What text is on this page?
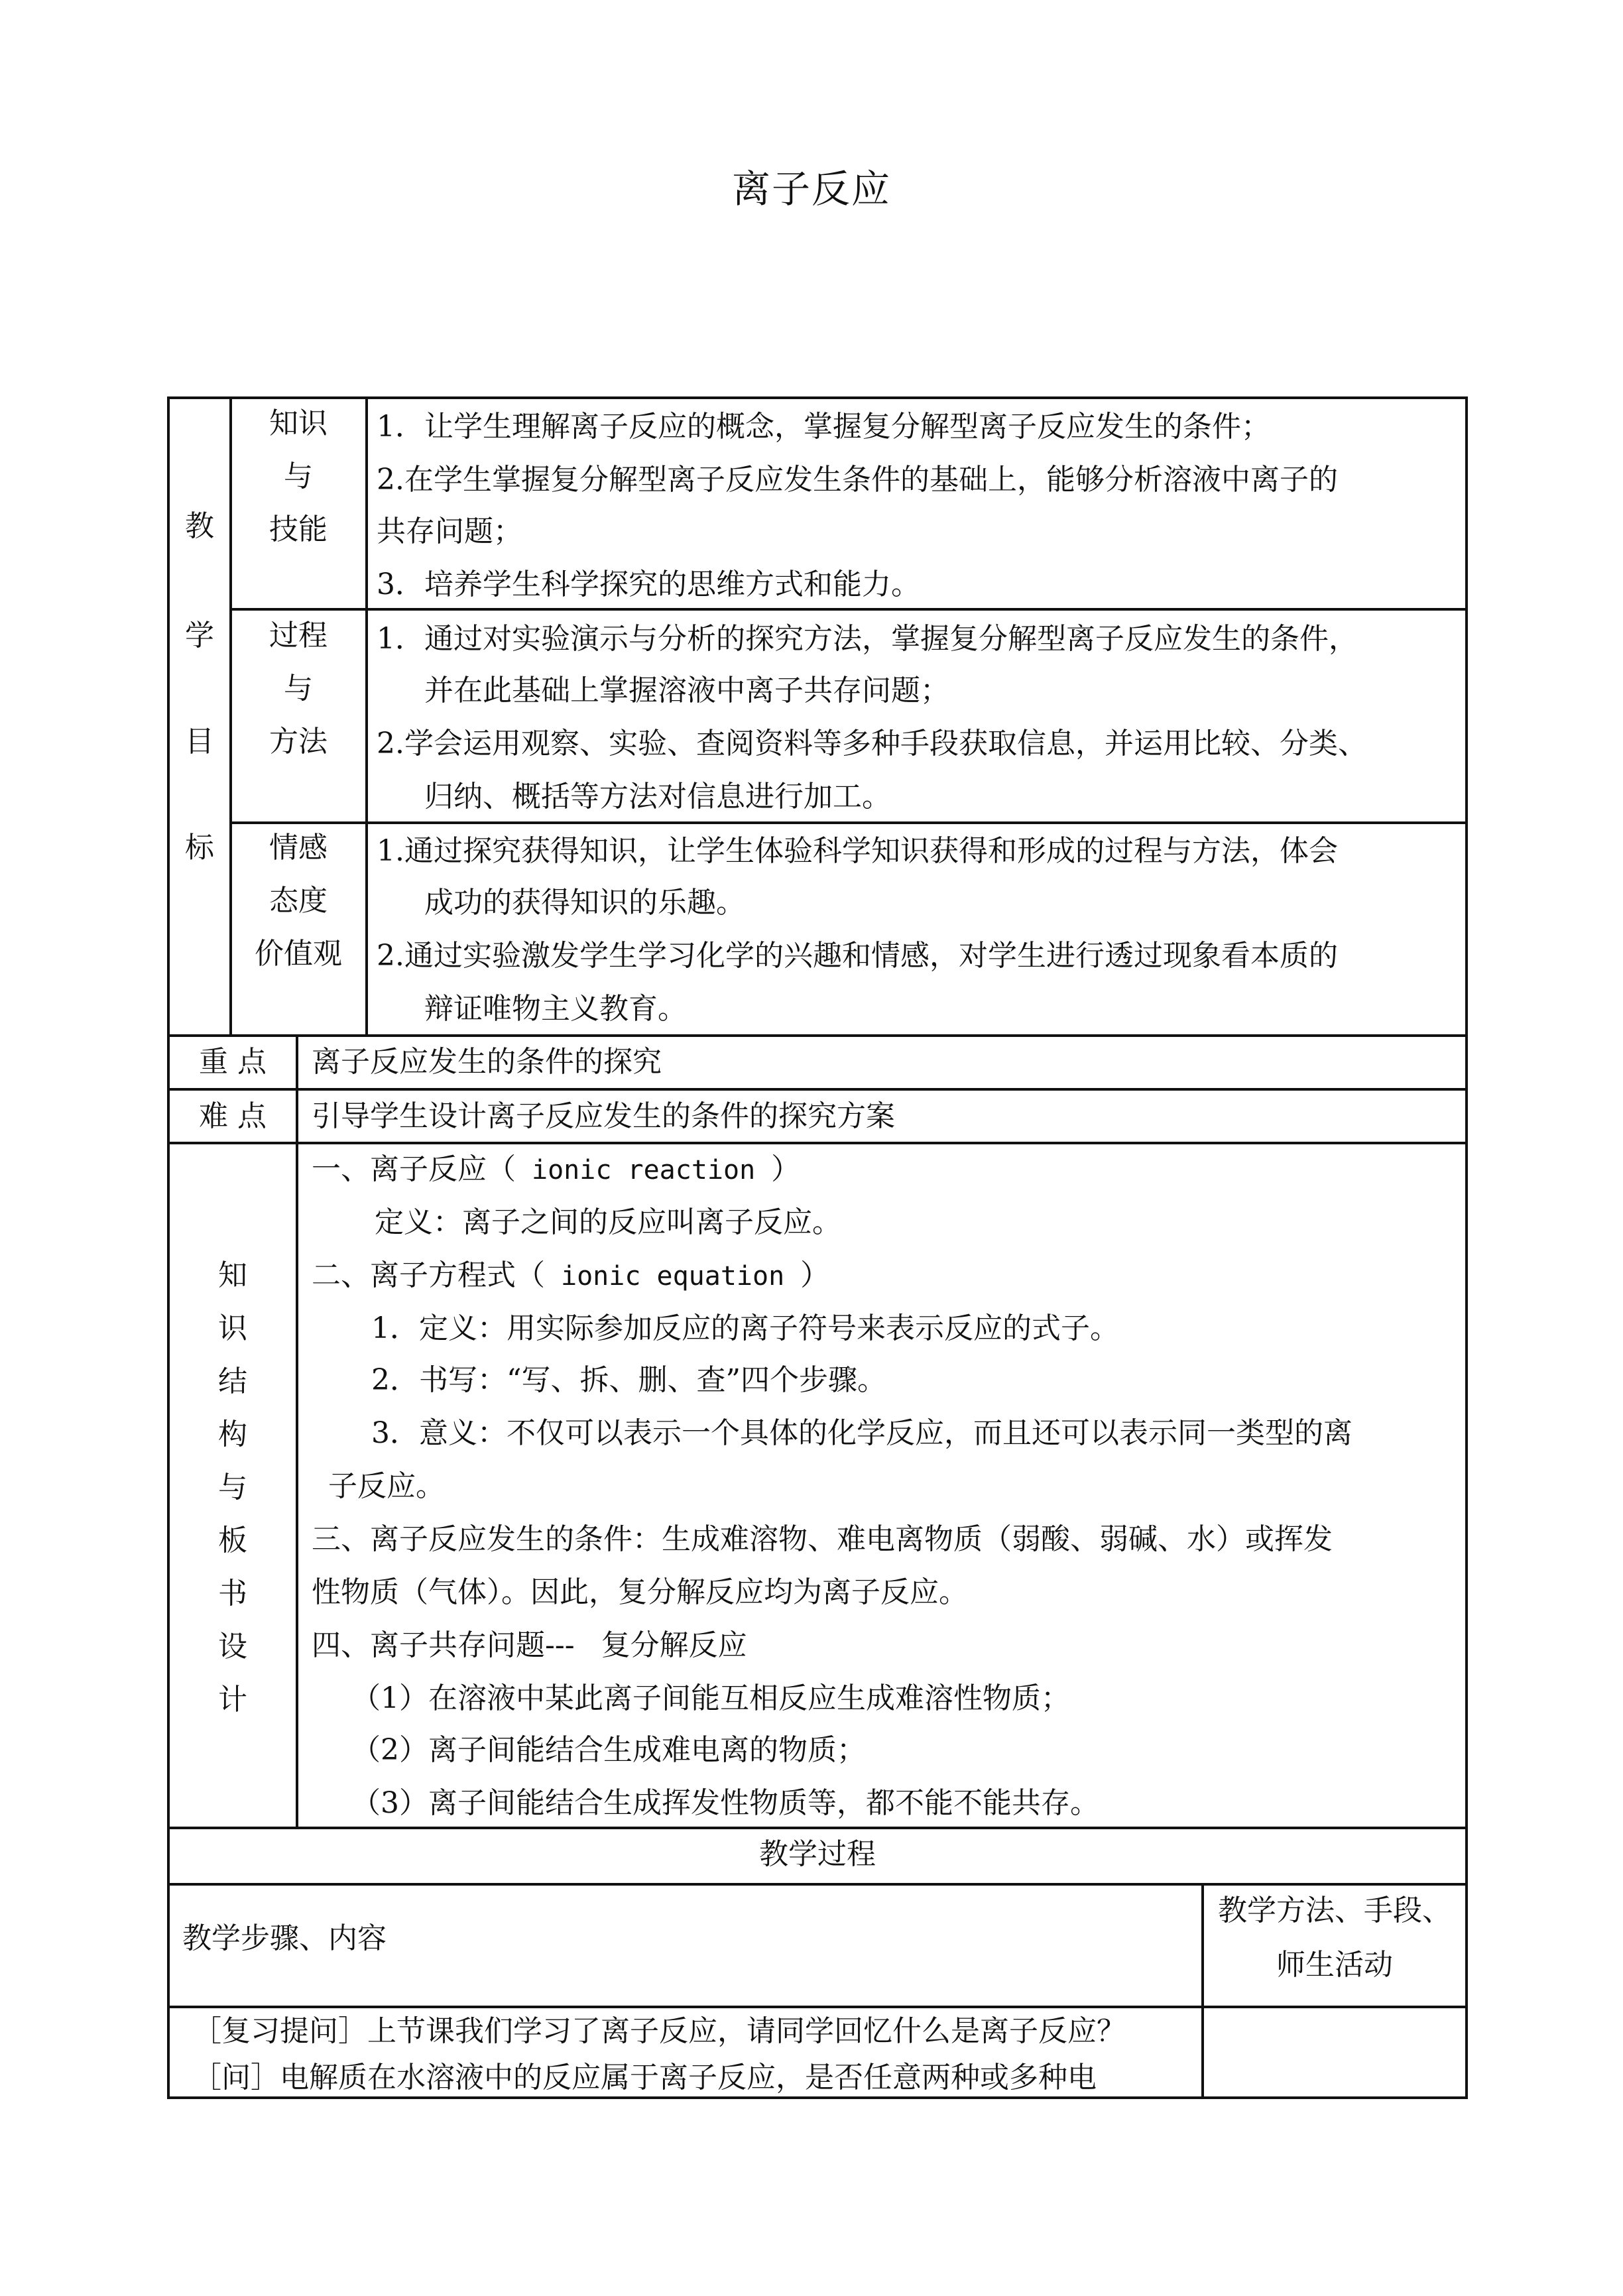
离子反应
教
学
目
标
知识
与
技能
1．让学生理解离子反应的概念，掌握复分解型离子反应发生的条件；
2.在学生掌握复分解型离子反应发生条件的基础上，能够分析溶液中离子的
共存问题；
3．培养学生科学探究的思维方式和能力。
过程
与
方法
1．通过对实验演示与分析的探究方法，掌握复分解型离子反应发生的条件，
并在此基础上掌握溶液中离子共存问题；
2.学会运用观察、实验、查阅资料等多种手段获取信息，并运用比较、分类、
归纳、概括等方法对信息进行加工。
情感
态度
价值观
1.通过探究获得知识，让学生体验科学知识获得和形成的过程与方法，体会
成功的获得知识的乐趣。
2.通过实验激发学生学习化学的兴趣和情感，对学生进行透过现象看本质的
辩证唯物主义教育。
重 点	离子反应发生的条件的探究
难 点	引导学生设计离子反应发生的条件的探究方案
知
识
结
构
与
板
书
设
计
一、离子反应（ ionic reaction ）
定义：离子之间的反应叫离子反应。
二、离子方程式（ ionic equation ）
1．定义：用实际参加反应的离子符号来表示反应的式子。
2．书写：“写、拆、删、查”四个步骤。
3．意义：不仅可以表示一个具体的化学反应，而且还可以表示同一类型的离
子反应。
三、离子反应发生的条件：生成难溶物、难电离物质（弱酸、弱碱、水）或挥发
性物质（气体）。因此，复分解反应均为离子反应。
四、离子共存问题--- 复分解反应
（1）在溶液中某此离子间能互相反应生成难溶性物质；
（2）离子间能结合生成难电离的物质；
（3）离子间能结合生成挥发性物质等，都不能不能共存。
教学过程
教学步骤、内容
教学方法、手段、
师生活动
［复习提问］上节课我们学习了离子反应，请同学回忆什么是离子反应？
［问］电解质在水溶液中的反应属于离子反应，是否任意两种或多种电
